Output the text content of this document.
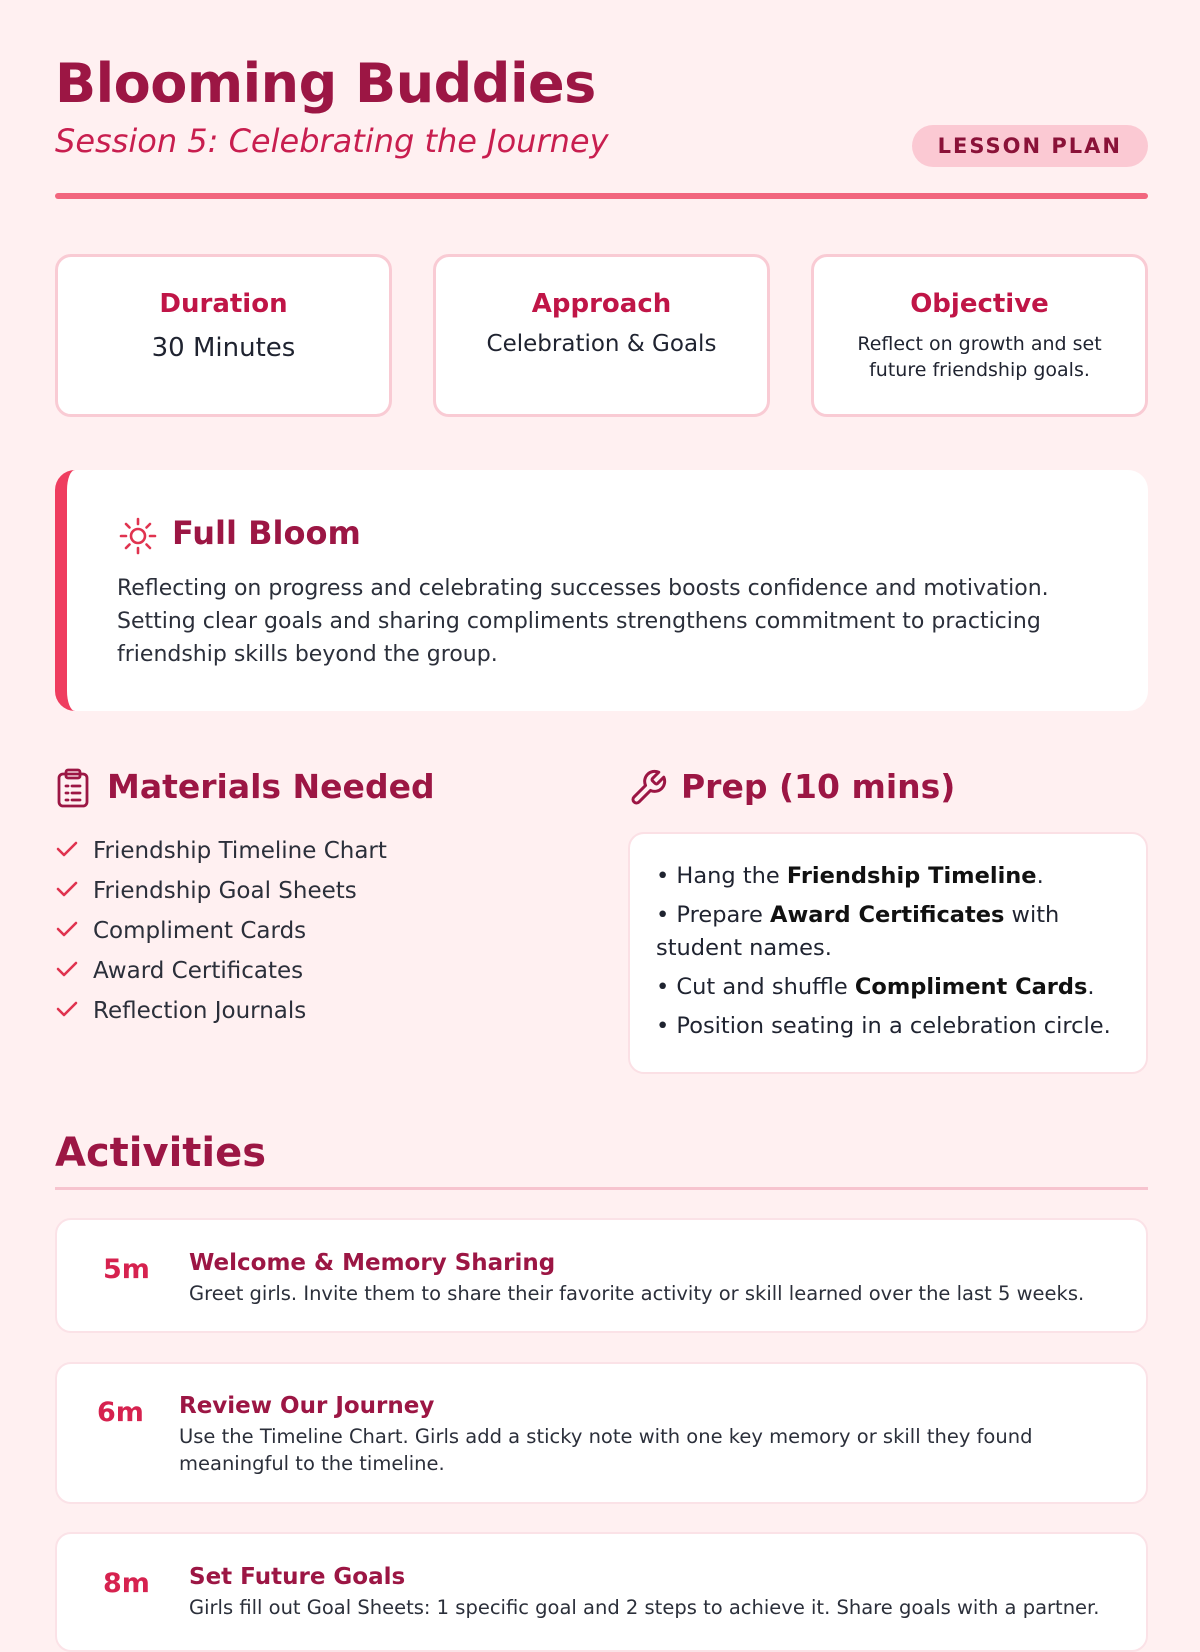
Blooming Buddies
Session 5: Celebrating the Journey	LESSON PLAN
Duration
30 Minutes
Approach
Celebration & Goals
Objective
Reflect on growth and set future friendship goals.
Full Bloom
Reflecting on progress and celebrating successes boosts confidence and motivation. Setting clear goals and sharing compliments strengthens commitment to practicing friendship skills beyond the group.
Materials Needed
Friendship Timeline Chart
Friendship Goal Sheets
Compliment Cards
Award Certificates
Reflection Journals
Prep (10 mins)

• Hang the Friendship Timeline.

• Prepare Award Certificates with student names.

• Cut and shuffle Compliment Cards.

• Position seating in a celebration circle.

Activities
5m Welcome & Memory Sharing
Greet girls. Invite them to share their favorite activity or skill learned over the last 5 weeks.
6m Review Our Journey
Use the Timeline Chart. Girls add a sticky note with one key memory or skill they found meaningful to the timeline.
8m Set Future Goals
Girls fill out Goal Sheets: 1 specific goal and 2 steps to achieve it. Share goals with a partner.
